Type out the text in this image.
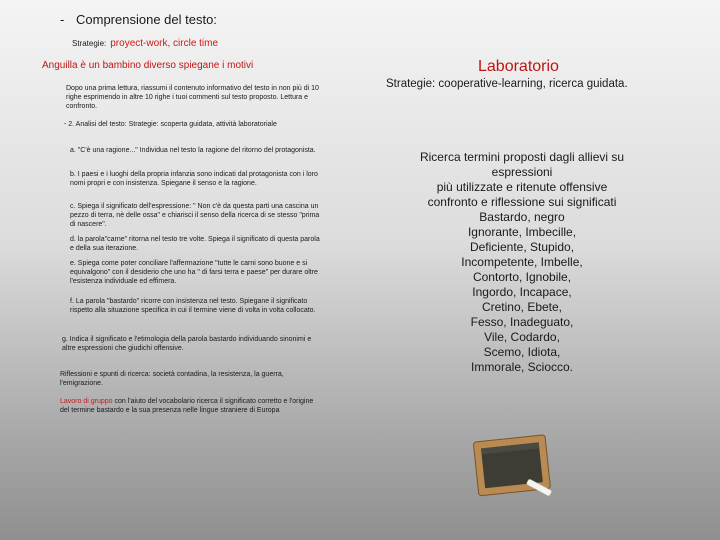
- Comprensione del testo:
Strategie: proyect-work, circle time
Anguilla è un bambino diverso spiegane i motivi
Dopo una prima lettura, riassumi il contenuto informativo del testo in non più di 10 righe esprimendo in altre 10 righe i tuoi commenti sul testo proposto. Lettura e confronto.
- 2. Analisi del testo: Strategie: scoperta guidata, attività laboratoriale
a. "C'è una ragione..." Individua nel testo la ragione del ritorno del protagonista.
b. I paesi e i luoghi della propria infanzia sono indicati dal protagonista con i loro nomi propri e con insistenza. Spiegane il senso e la ragione.
c. Spiega il significato dell'espressione: " Non c'è da questa parti una cascina un pezzo di terra, nè delle ossa" e chiarisci il senso della ricerca di se stesso "prima di nascere".
d. la parola"carne" ritorna nel testo tre volte. Spiega il significato di questa parola e della sua iterazione.
e. Spiega come poter conciliare l'affermazione "tutte le carni sono buone e si equivalgono" con il desiderio che uno ha " di farsi terra e paese" per durare oltre l'esistenza individuale ed effimera.
f. La parola "bastardo" ricorre con insistenza nel testo. Spiegane il significato rispetto alla situazione specifica in cui il termine viene di volta in volta collocato.
g. Indica il significato e l'etimologia della parola bastardo individuando sinonimi e altre espressioni che giudichi offensive.
Riflessioni e spunti di ricerca: società contadina, la resistenza, la guerra, l'emigrazione.
Lavoro di gruppo con l'aiuto del vocabolario ricerca il significato corretto e l'origine del termine bastardo e la sua presenza nelle lingue straniere di Europa
Laboratorio
Strategie: cooperative-learning, ricerca guidata.
Ricerca termini proposti dagli allievi su
espressioni
più utilizzate e ritenute offensive
confronto e riflessione sui significati
Bastardo, negro
Ignorante, Imbecille,
Deficiente, Stupido,
Incompetente, Imbelle,
Contorto, Ignobile,
Ingordo, Incapace,
Cretino, Ebete,
Fesso, Inadeguato,
Vile, Codardo,
Scemo, Idiota,
Immorale, Sciocco.
